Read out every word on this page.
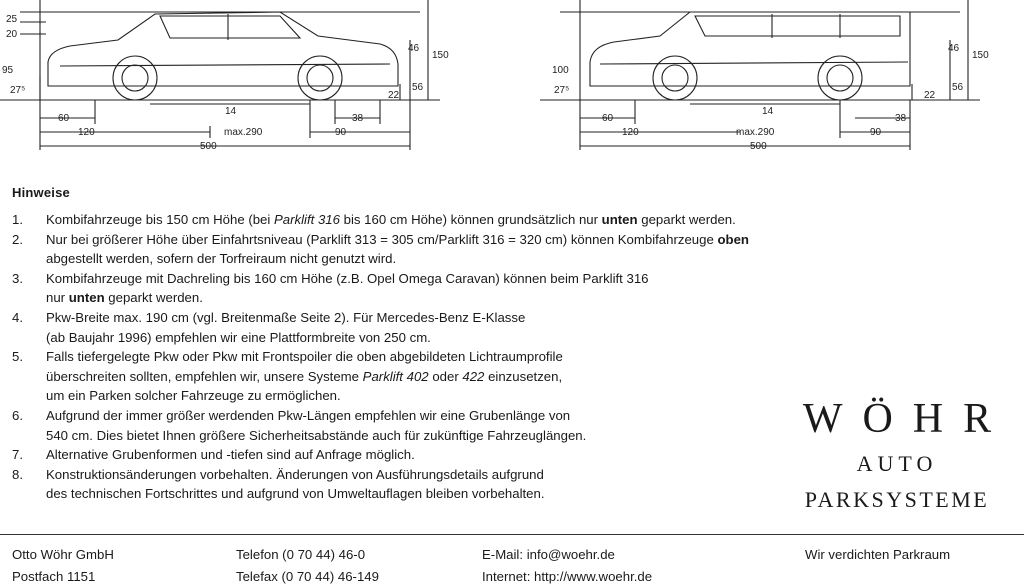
25
20
95
27⁵
46
150
56
22
60
14
38
120	max.290	90
500
100
27⁵
46
150
56
22
60
14
38
120	max.290	90
500
Hinweise
1.	Kombifahrzeuge bis 150 cm Höhe (bei Parklift 316 bis 160 cm Höhe) können grundsätzlich nur unten geparkt werden.
2.	Nur bei größerer Höhe über Einfahrtsniveau (Parklift 313 = 305 cm/Parklift 316 = 320 cm) können Kombifahrzeuge oben
abgestellt werden, sofern der Torfreiraum nicht genutzt wird.
3.	Kombifahrzeuge mit Dachreling bis 160 cm Höhe (z.B. Opel Omega Caravan) können beim Parklift 316
nur unten geparkt werden.
4.	Pkw-Breite max. 190 cm (vgl. Breitenmaße Seite 2). Für Mercedes-Benz E-Klasse
(ab Baujahr 1996) empfehlen wir eine Plattformbreite von 250 cm.
5.	Falls tiefergelegte Pkw oder Pkw mit Frontspoiler die oben abgebildeten Lichtraumprofile
überschreiten sollten, empfehlen wir, unsere Systeme Parklift 402 oder 422 einzusetzen,
um ein Parken solcher Fahrzeuge zu ermöglichen.
6.	Aufgrund der immer größer werdenden Pkw-Längen empfehlen wir eine Grubenlänge von
540 cm. Dies bietet Ihnen größere Sicherheitsabstände auch für zukünftige Fahrzeuglängen.
7.	Alternative Grubenformen und -tiefen sind auf Anfrage möglich.
8.	Konstruktionsänderungen vorbehalten. Änderungen von Ausführungsdetails aufgrund
des technischen Fortschrittes und aufgrund von Umweltauflagen bleiben vorbehalten.
WÖHR
AUTO
PARKSYSTEME
Otto Wöhr GmbH
Postfach 1151
Telefon (0 70 44) 46-0
Telefax (0 70 44) 46-149
E-Mail: info@woehr.de
Internet: http://www.woehr.de
Wir verdichten Parkraum
